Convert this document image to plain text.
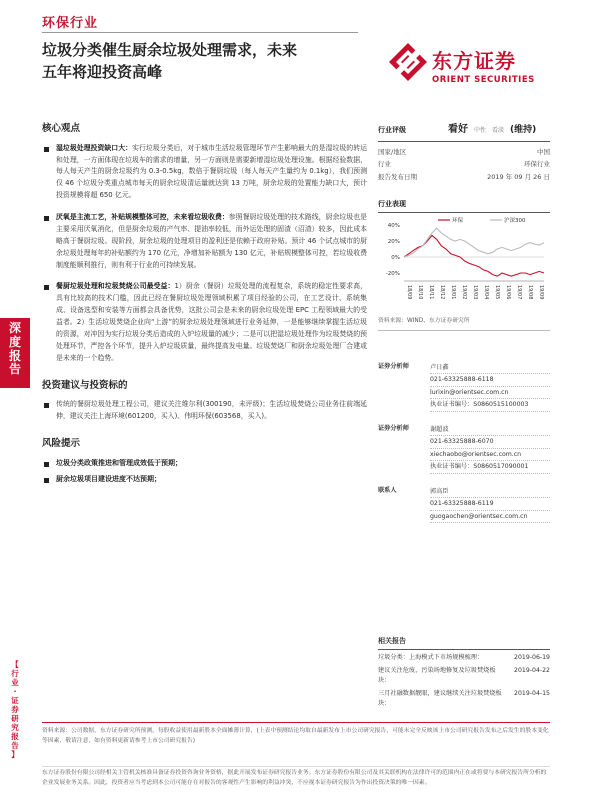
环保行业
垃圾分类催生厨余垃圾处理需求，未来
五年将迎投资高峰	东方证券
ORIENT SECURITIES
深
度
报
告
【
行
业
·
证
券
研
究
报
告
】
核心观点
湿垃圾处理投资缺口大：实行垃圾分类后，对于城市生活垃圾管理环节产生影响最大的是湿垃圾的转运和处理，一方面体现在垃圾车的需求的增量，另一方面则是需要新增湿垃圾处理设施。根据经验数据，每人每天产生的厨余垃圾约为 0.3-0.5kg，数倍于餐厨垃圾（每人每天产生量约为 0.1kg），我们预测仅 46 个垃圾分类重点城市每天的厨余垃圾清运量就达到 13 万吨，厨余垃圾的处置能力缺口大，预计投资规模将超 650 亿元。
厌氧是主流工艺，补贴规模整体可控，未来看垃圾收费：参照餐厨垃圾处理的技术路线，厨余垃圾也是主要采用厌氧消化，但是厨余垃圾的产气率、提油率较低，而外运处理的固渣（沼渣）较多，因此成本略高于餐厨垃圾。现阶段，厨余垃圾的处理项目的盈利还是依赖于政府补贴。预计 46 个试点城市的厨余垃圾处理每年的补贴额约为 170 亿元，净增加补贴额为 130 亿元，补贴规模整体可控，若垃圾收费制度能顺利推行，则有利于行业的可持续发展。
餐厨垃圾处理和垃圾焚烧公司最受益：1）厨余（餐厨）垃圾处理的流程复杂，系统的稳定性要求高，具有比较高的技术门槛，因此已经在餐厨垃圾处理领域积累了项目经验的公司，在工艺设计、系统集成、设备选型和安装等方面都会具备优势，这批公司会是未来的厨余垃圾处理 EPC 工程领域最大的受益者。2）生活垃圾焚烧企业向“上游”的厨余垃圾处理领域进行业务延伸，一是能够继续掌握生活垃圾的资源，对冲因为实行垃圾分类后造成的入炉垃圾量的减少；二是可以把湿垃圾处理作为垃圾焚烧的预处理环节，严控各个环节，提升入炉垃圾质量，最终提高发电量。垃圾焚烧厂和厨余垃圾处理厂合建或是未来的一个趋势。
投资建议与投资标的
传统的餐厨垃圾处理工程公司，建议关注维尔利(300190，未评级)；生活垃圾焚烧公司业务往前端延伸，建议关注上海环境(601200，买入)、伟明环保(603568，买入)。
风险提示
垃圾分类政策推进和管理成效低于预期；
厨余垃圾项目建设进度不达预期；
行业评级	看好 中性 看淡 (维持)
国家/地区	中国
行业	环保行业
报告发布日期	2019 年 09 月 26 日
行业表现
40%
20%
0%
-20%
18/09 18/10 18/11 18/12 19/01 19/02 19/03 19/04 19/05 19/06 19/07 19/08 19/09
环保	沪深300
资料来源：WIND、东方证券研究所
证券分析师	卢日鑫
021-63325888-6118
lurixin@orientsec.com.cn
执业证书编号：S0860515100003
证券分析师	谢超波
021-63325888-6070
xiechaobo@orientsec.com.cn
执业证书编号：S0860517090001
联系人	郭高臣
021-63325888-6119
guogaochen@orientsec.com.cn
相关报告
垃圾分类：上海模式下市场规模梳理：	2019-06-19
建议关注危废、污染场地修复及垃圾焚烧板块：
2019-04-22
三月社融数据靓眼，建议继续关注垃圾焚烧板块：
2019-04-15
资料来源：公司数据，东方证券研究所预测，每股收益使用最新股本全面摊薄计算，(上表中预测结论均取自最新发布上市公司研究报告，可能未完全反映该上市公司研究报告发布之后发生的股本变化等因素，敬请注意，如有资料更新请参考上市公司研究报告)
东方证券股份有限公司经相关主管机关核准具备证券投资咨询业务资格，据此开展发布证券研究报告业务。东方证券股份有限公司及其关联机构在法律许可的范围内正在或将要与本研究报告所分析的企业发展业务关系。因此，投资者应当考虑到本公司可能存在对报告的客观性产生影响的利益冲突，不应视本证券研究报告为作出投资决策的唯一因素。
